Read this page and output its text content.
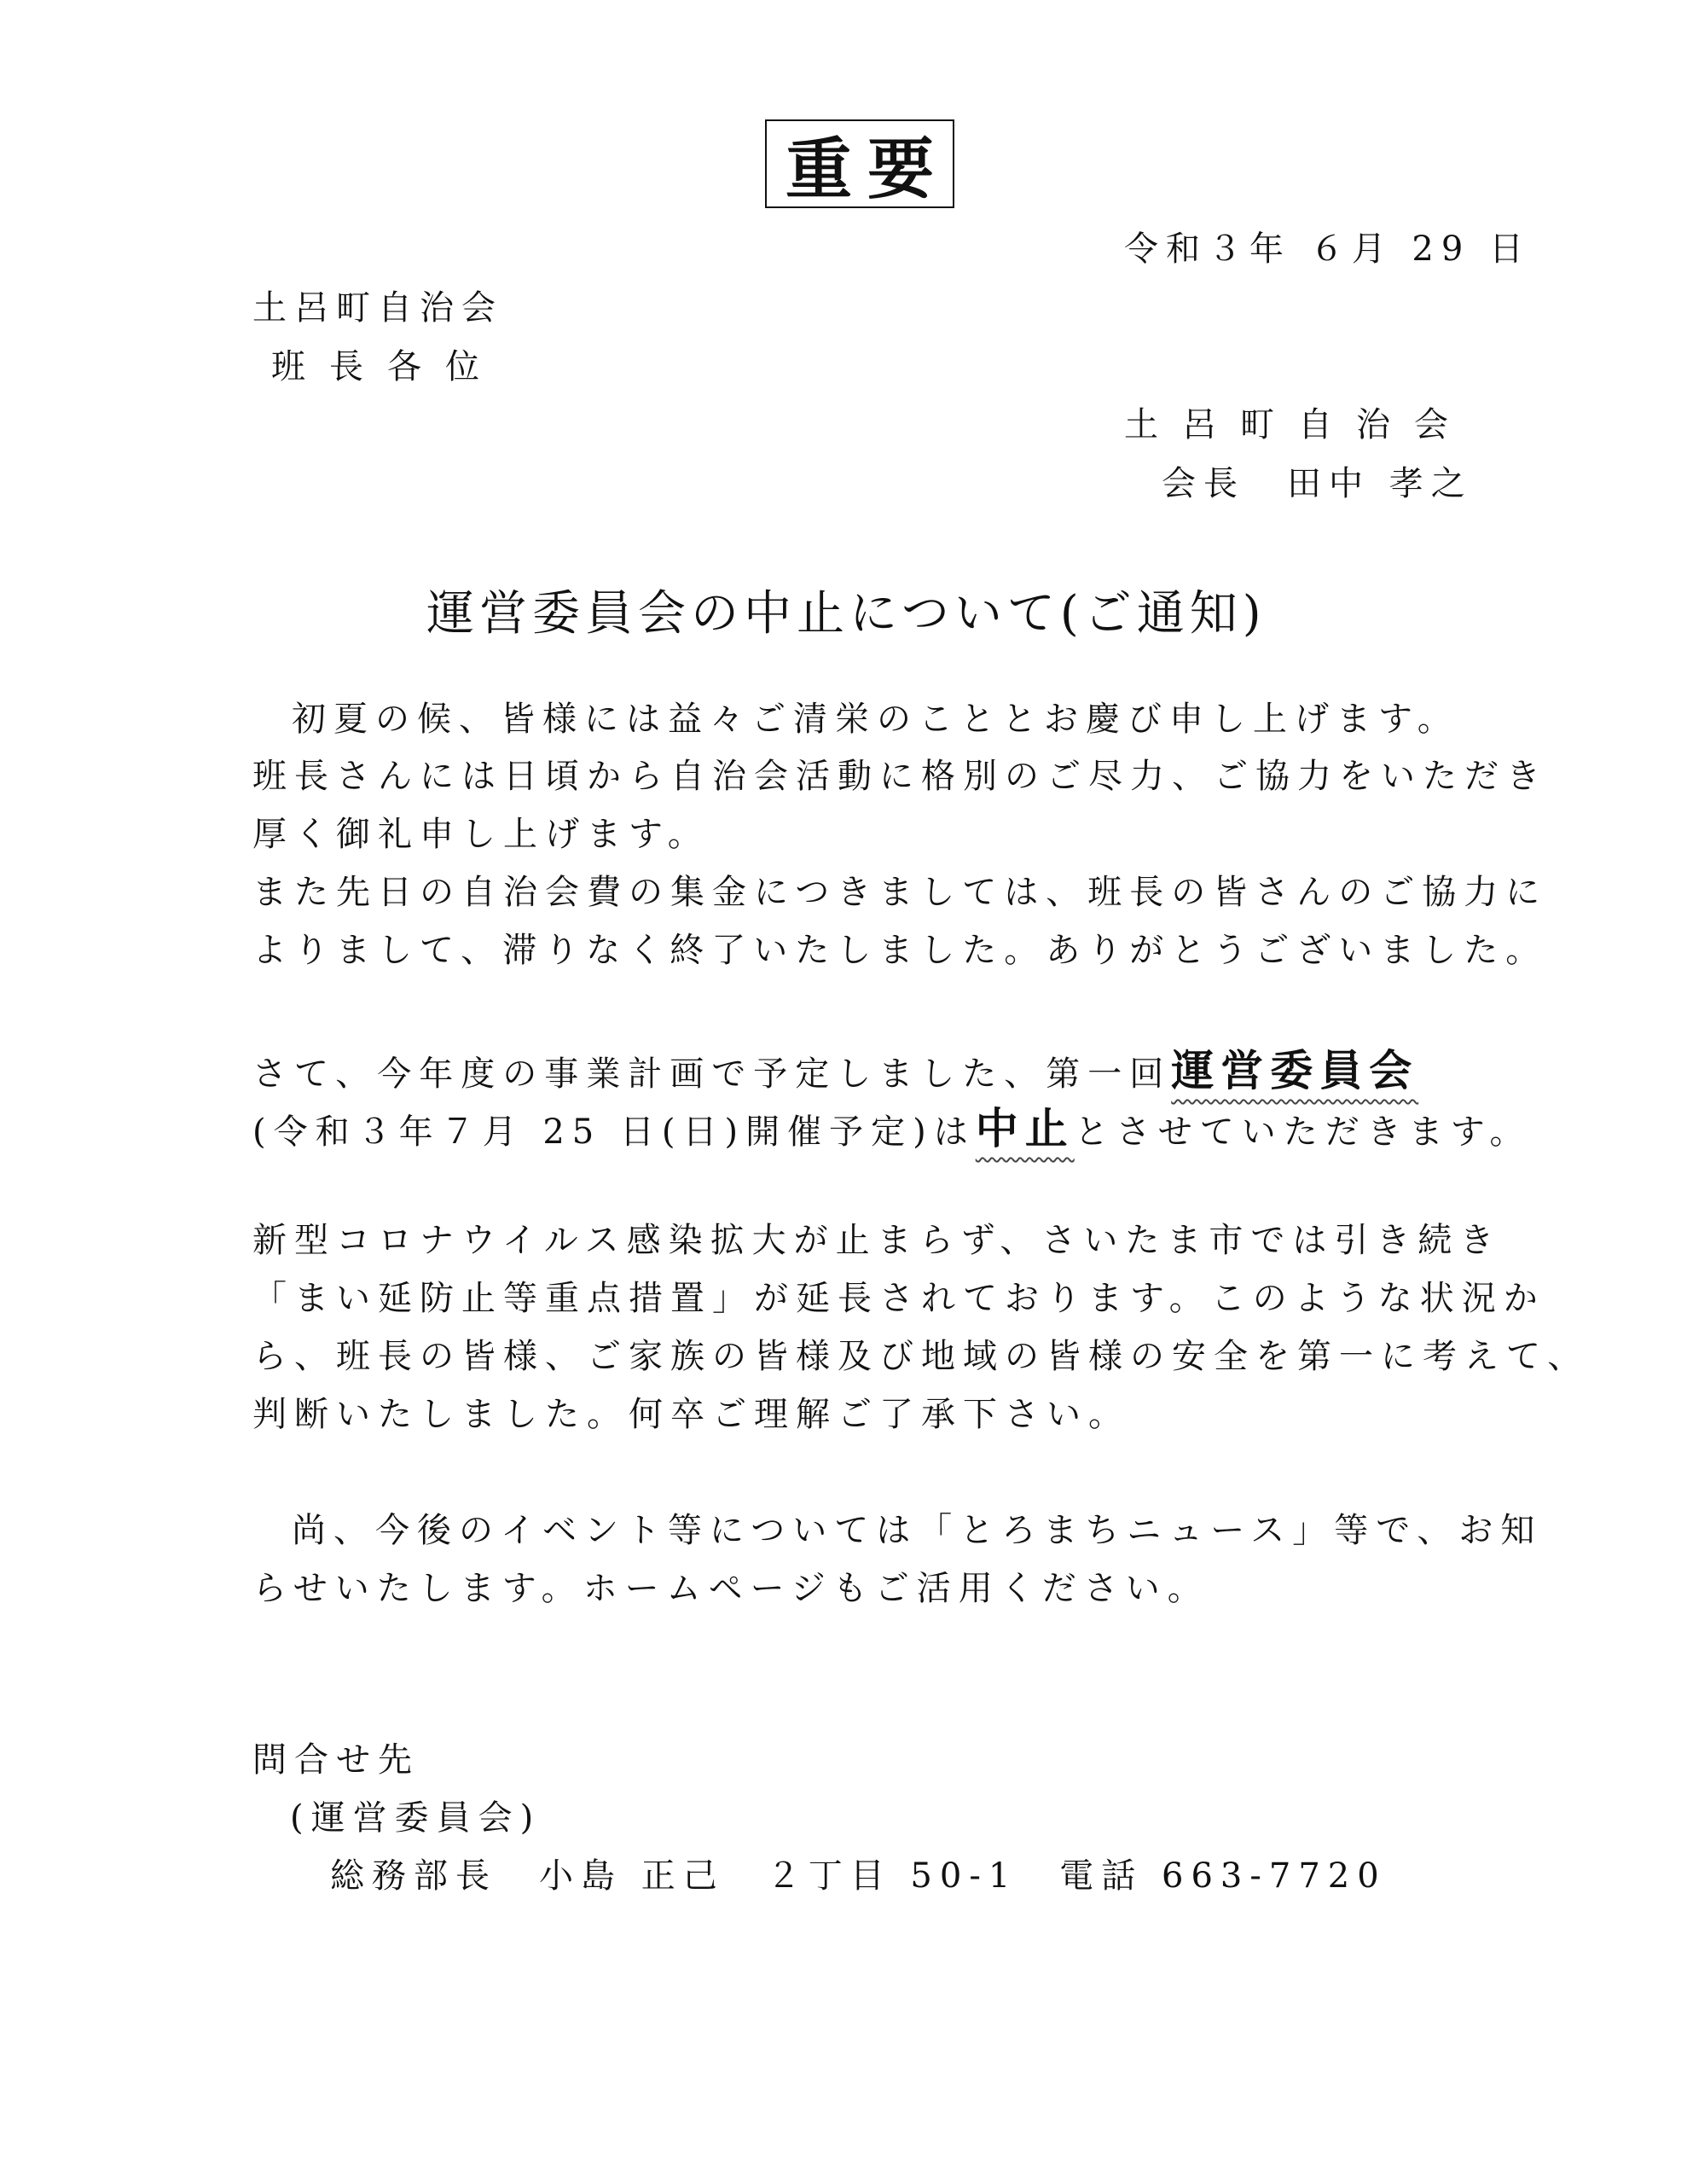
重要
令和３年 ６月 29 日
土呂町自治会
班長各位
土呂町自治会
会長　田中 孝之
運営委員会の中止について(ご通知)
初夏の候、皆様には益々ご清栄のこととお慶び申し上げます。
班長さんには日頃から自治会活動に格別のご尽力、ご協力をいただき
厚く御礼申し上げます。
また先日の自治会費の集金につきましては、班長の皆さんのご協力に
よりまして、滞りなく終了いたしました。ありがとうございました。
さて、今年度の事業計画で予定しました、第一回運営委員会
(令和３年７月 25 日(日)開催予定)は中止とさせていただきます。
新型コロナウイルス感染拡大が止まらず、さいたま市では引き続き
「まい延防止等重点措置」が延長されております。このような状況か
ら、班長の皆様、ご家族の皆様及び地域の皆様の安全を第一に考えて、
判断いたしました。何卒ご理解ご了承下さい。
尚、今後のイベント等については「とろまちニュース」等で、お知
らせいたします。ホームページもご活用ください。
問合せ先
(運営委員会)
総務部長　小島 正己　２丁目 50-1　電話 663-7720
